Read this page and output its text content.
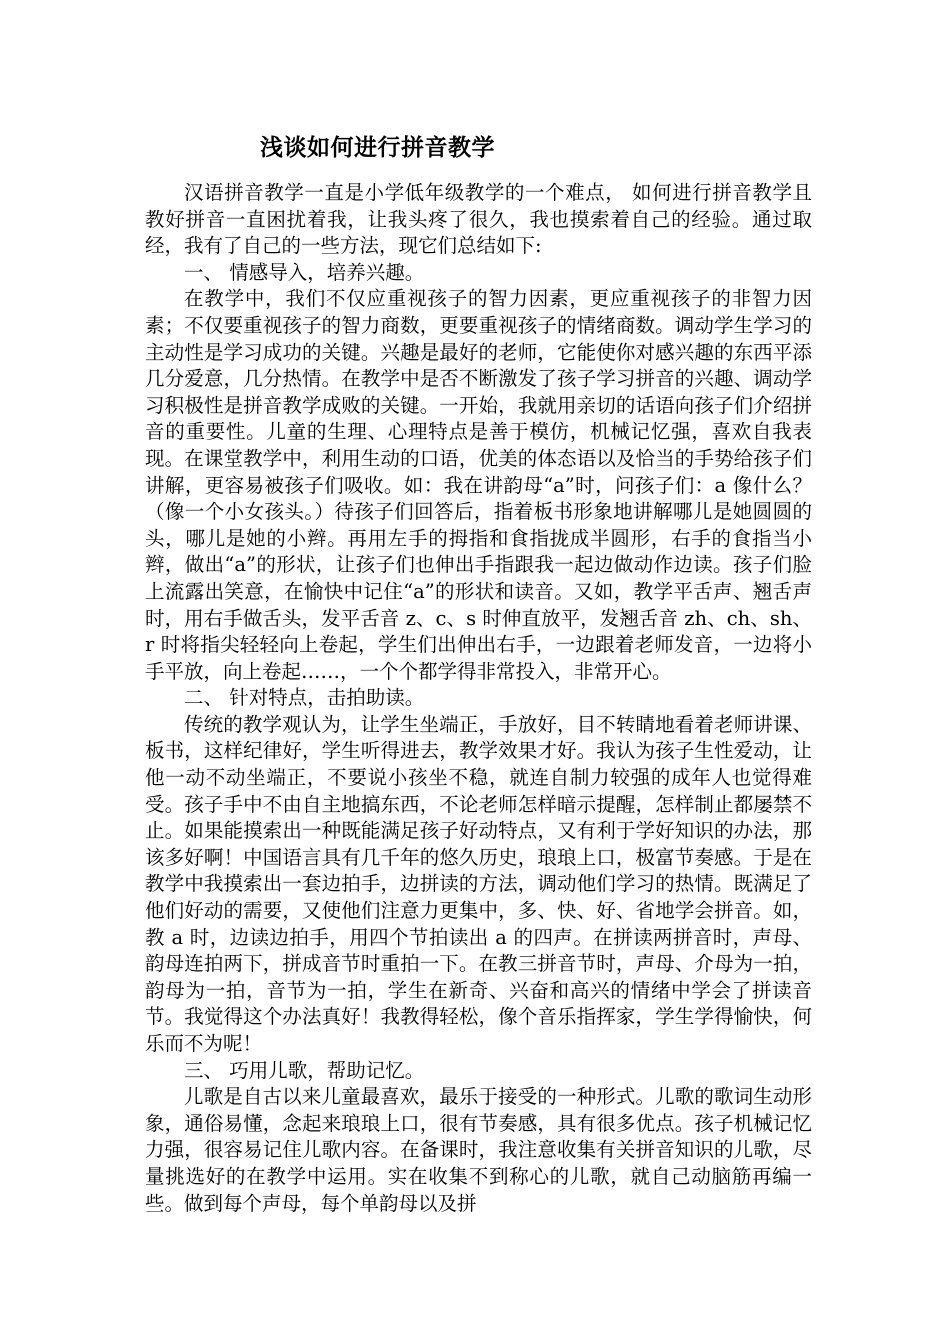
浅谈如何进行拼音教学

汉语拼音教学一直是小学低年级教学的一个难点， 如何进行拼音教学且教好拼音一直困扰着我，让我头疼了很久，我也摸索着自己的经验。通过取经，我有了自己的一些方法，现它们总结如下:

一、 情感导入，培养兴趣。

在教学中，我们不仅应重视孩子的智力因素，更应重视孩子的非智力因素；不仅要重视孩子的智力商数，更要重视孩子的情绪商数。调动学生学习的主动性是学习成功的关键。兴趣是最好的老师，它能使你对感兴趣的东西平添几分爱意，几分热情。在教学中是否不断激发了孩子学习拼音的兴趣、调动学习积极性是拼音教学成败的关键。一开始，我就用亲切的话语向孩子们介绍拼音的重要性。儿童的生理、心理特点是善于模仿，机械记忆强，喜欢自我表现。在课堂教学中，利用生动的口语，优美的体态语以及恰当的手势给孩子们讲解，更容易被孩子们吸收。如：我在讲韵母“a”时，问孩子们：a 像什么？（像一个小女孩头。）待孩子们回答后，指着板书形象地讲解哪儿是她圆圆的头，哪儿是她的小辫。再用左手的拇指和食指拢成半圆形，右手的食指当小辫，做出“a”的形状，让孩子们也伸出手指跟我一起边做动作边读。孩子们脸上流露出笑意，在愉快中记住“a”的形状和读音。又如，教学平舌声、翘舌声时，用右手做舌头，发平舌音 z、c、s 时伸直放平，发翘舌音 zh、ch、sh、r 时将指尖轻轻向上卷起，学生们出伸出右手，一边跟着老师发音，一边将小手平放，向上卷起……，一个个都学得非常投入，非常开心。

二、 针对特点，击拍助读。

传统的教学观认为，让学生坐端正，手放好，目不转睛地看着老师讲课、板书，这样纪律好，学生听得进去，教学效果才好。我认为孩子生性爱动，让他一动不动坐端正，不要说小孩坐不稳，就连自制力较强的成年人也觉得难受。孩子手中不由自主地搞东西，不论老师怎样暗示提醒，怎样制止都屡禁不止。如果能摸索出一种既能满足孩子好动特点，又有利于学好知识的办法，那该多好啊！中国语言具有几千年的悠久历史，琅琅上口，极富节奏感。于是在教学中我摸索出一套边拍手，边拼读的方法，调动他们学习的热情。既满足了他们好动的需要，又使他们注意力更集中，多、快、好、省地学会拼音。如，教 a 时，边读边拍手，用四个节拍读出 a 的四声。在拼读两拼音时，声母、韵母连拍两下，拼成音节时重拍一下。在教三拼音节时，声母、介母为一拍，韵母为一拍，音节为一拍，学生在新奇、兴奋和高兴的情绪中学会了拼读音节。我觉得这个办法真好！我教得轻松，像个音乐指挥家，学生学得愉快，何乐而不为呢！

三、 巧用儿歌，帮助记忆。

儿歌是自古以来儿童最喜欢，最乐于接受的一种形式。儿歌的歌词生动形象，通俗易懂，念起来琅琅上口，很有节奏感，具有很多优点。孩子机械记忆力强，很容易记住儿歌内容。在备课时，我注意收集有关拼音知识的儿歌，尽量挑选好的在教学中运用。实在收集不到称心的儿歌，就自己动脑筋再编一些。做到每个声母，每个单韵母以及拼
